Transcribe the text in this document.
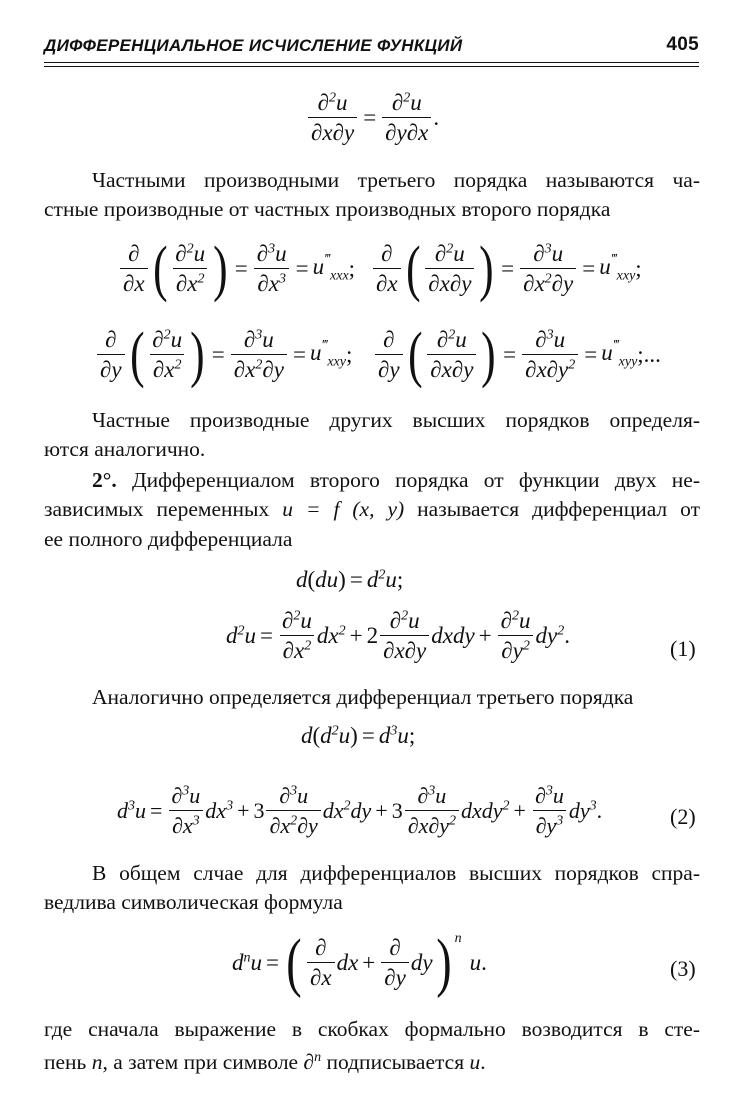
ДИФФЕРЕНЦИАЛЬНОЕ ИСЧИСЛЕНИЕ ФУНКЦИЙ	405
$\frac{\partial^2u}{\partial x\partial y} = \frac{\partial^2u}{\partial y\partial x}$ .

Частными производными третьего порядка называются ча-

стные производные от частных производных второго порядка

$\frac{\partial}{\partial x}$ ( $\frac{\partial^2u}{\partial x^2}$ ) = $\frac{\partial^3u}{\partial x^3} = u^‴_{xxx}$ ; $\frac{\partial}{\partial x}$ ( $\frac{\partial^2u}{\partial x\partial y}$ ) = $\frac{\partial^3u}{\partial x^2\partial y} = u^‴_{xxy}$ ;
$\frac{\partial}{\partial y}$ ( $\frac{\partial^2u}{\partial x^2}$ ) = $\frac{\partial^3u}{\partial x^2\partial y} = u^‴_{xxy}$ ; $\frac{\partial}{\partial y}$ ( $\frac{\partial^2u}{\partial x\partial y}$ ) = $\frac{\partial^3u}{\partial x\partial y^2} = u^‴_{xyy}$ ;...

Частные производные других высших порядков определя-

ются аналогично.

2°. Дифференциалом второго порядка от функции двух не-

зависимых переменных u = f (x, y) называется дифференциал от

ее полного дифференциала

d ( du ) = $d^2u$ ;
$d^2u = \frac{\partial^2u}{\partial x^2} dx^2 + 2 \frac{\partial^2u}{\partial x\partial y}$ dxdy + $\frac{\partial^2u}{\partial y^2} dy^2$ .
(1)

Аналогично определяется дифференциал третьего порядка

d ( $d^2u$ ) = $d^3u$ ;
$d^3u = \frac{\partial^3u}{\partial x^3} dx^3 + 3 \frac{\partial^3u}{\partial x^2\partial y} dx^2dy + 3 \frac{\partial^3u}{\partial x\partial y^2}$ dxdy$^2$ + $\frac{\partial^3u}{\partial y^3} dy^3$ .	(2)

В общем слчае для дифференциалов высших порядков спра-

ведлива символическая формула

$d^nu$ = ( $\frac{\partial}{\partial x}$ dx + $\frac{\partial}{\partial y}$ dy )$^n$
u .	(3)

где сначала выражение в скобках формально возводится в сте-

пень n, а затем при символе ∂$^n$ подписывается u.
